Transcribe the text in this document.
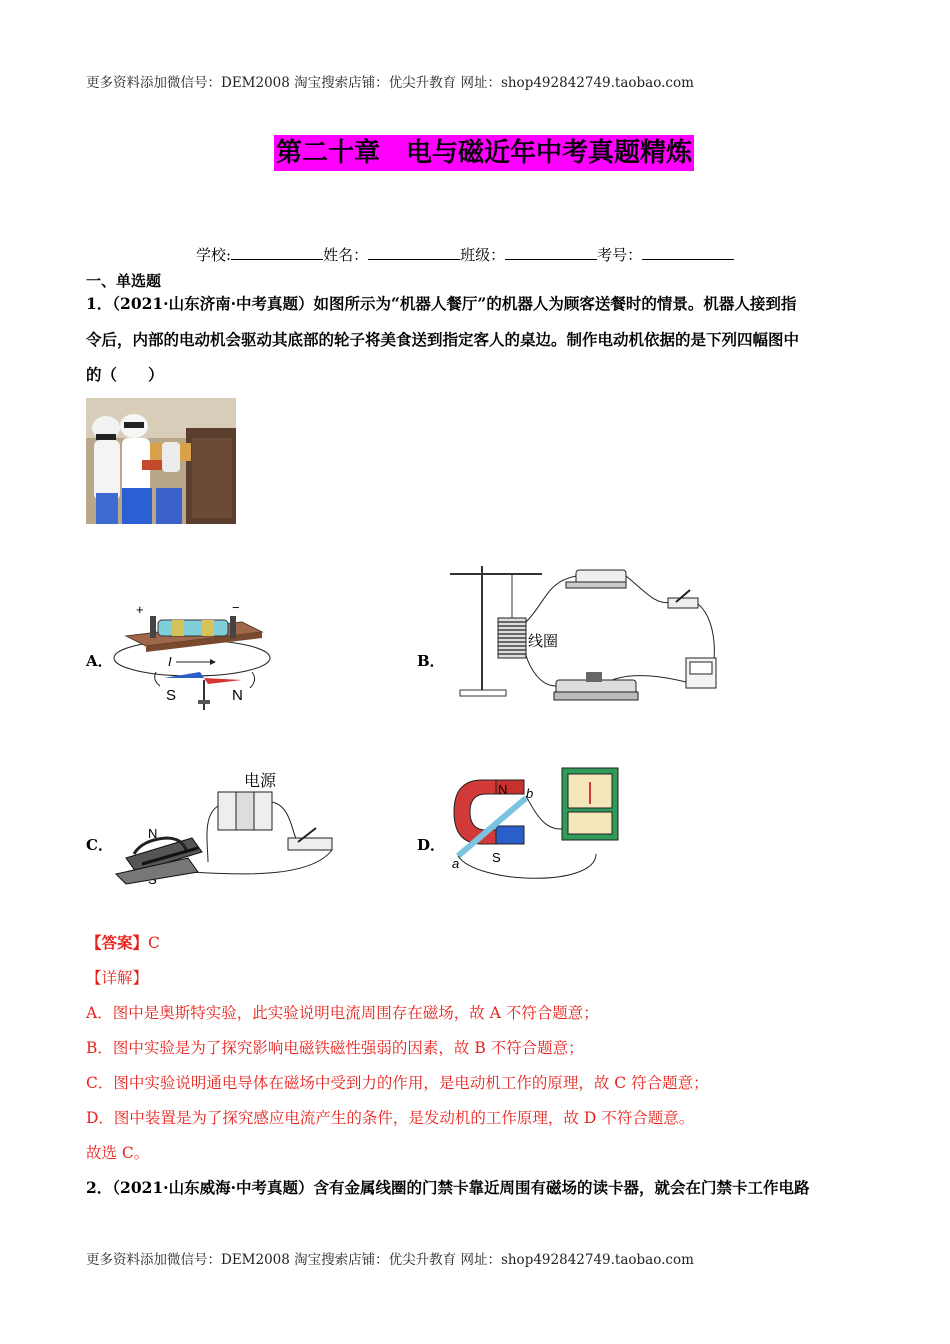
更多资料添加微信号：DEM2008 淘宝搜索店铺：优尖升教育 网址：shop492842749.taobao.com
第二十章　电与磁近年中考真题精炼
学校:	姓名：	班级：	考号：
一、单选题
1．（2021·山东济南·中考真题）如图所示为“机器人餐厅”的机器人为顾客送餐时的情景。机器人接到指
令后，内部的电动机会驱动其底部的轮子将美食送到指定客人的桌边。制作电动机依据的是下列四幅图中
的（　　）
A．
+	−
I
S	N
B．
线圈
C．
电源
N
D．
N
S
a
b
【答案】C
【详解】
A．图中是奥斯特实验，此实验说明电流周围存在磁场，故 A 不符合题意；
B．图中实验是为了探究影响电磁铁磁性强弱的因素，故 B 不符合题意；
C．图中实验说明通电导体在磁场中受到力的作用，是电动机工作的原理，故 C 符合题意；
D．图中装置是为了探究感应电流产生的条件，是发动机的工作原理，故 D 不符合题意。
故选 C。
2．（2021·山东威海·中考真题）含有金属线圈的门禁卡靠近周围有磁场的读卡器，就会在门禁卡工作电路
更多资料添加微信号：DEM2008 淘宝搜索店铺：优尖升教育 网址：shop492842749.taobao.com
